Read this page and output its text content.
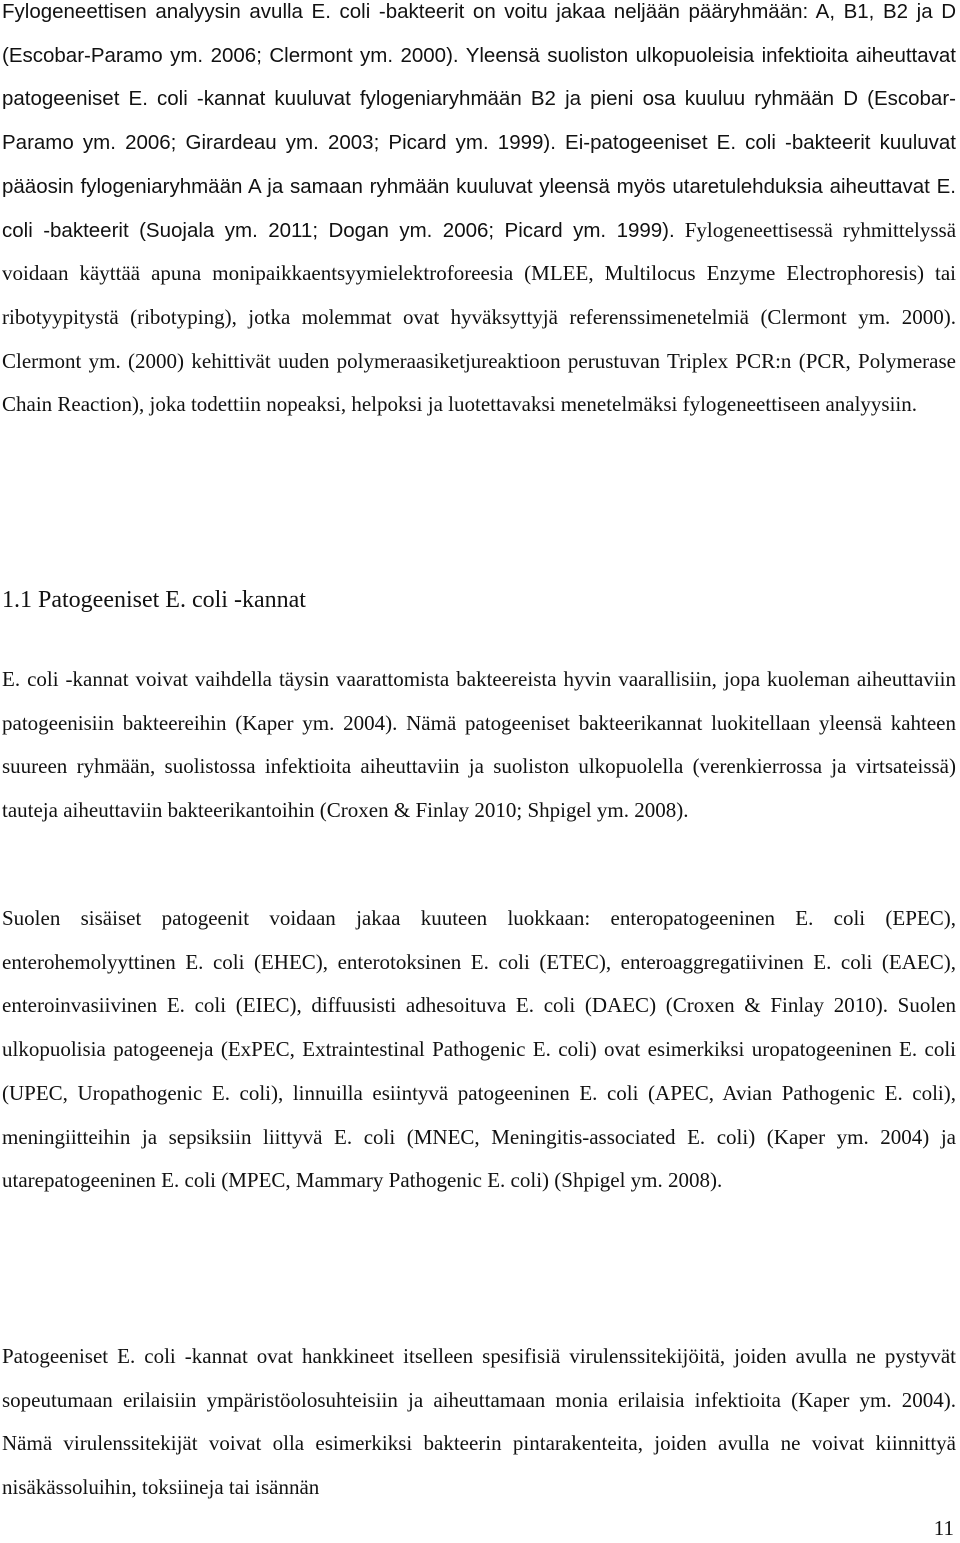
Fylogeneettisen analyysin avulla E. coli -bakteerit on voitu jakaa neljään pääryhmään: A, B1, B2 ja D (Escobar-Paramo ym. 2006; Clermont ym. 2000). Yleensä suoliston ulkopuoleisia infektioita aiheuttavat patogeeniset E. coli -kannat kuuluvat fylogeniaryhmään B2 ja pieni osa kuuluu ryhmään D (Escobar-Paramo ym. 2006; Girardeau ym. 2003; Picard ym. 1999). Ei-patogeeniset E. coli -bakteerit kuuluvat pääosin fylogeniaryhmään A ja samaan ryhmään kuuluvat yleensä myös utaretulehduksia aiheuttavat E. coli -bakteerit (Suojala ym. 2011; Dogan ym. 2006; Picard ym. 1999). Fylogeneettisessä ryhmittelyssä voidaan käyttää apuna monipaikkaentsyymielektroforeesia (MLEE, Multilocus Enzyme Electrophoresis) tai ribotyypitystä (ribotyping), jotka molemmat ovat hyväksyttyjä referenssimenetelmiä (Clermont ym. 2000). Clermont ym. (2000) kehittivät uuden polymeraasiketjureaktioon perustuvan Triplex PCR:n (PCR, Polymerase Chain Reaction), joka todettiin nopeaksi, helpoksi ja luotettavaksi menetelmäksi fylogeneettiseen analyysiin.

1.1 Patogeeniset E. coli -kannat

E. coli -kannat voivat vaihdella täysin vaarattomista bakteereista hyvin vaarallisiin, jopa kuoleman aiheuttaviin patogeenisiin bakteereihin (Kaper ym. 2004). Nämä patogeeniset bakteerikannat luokitellaan yleensä kahteen suureen ryhmään, suolistossa infektioita aiheuttaviin ja suoliston ulkopuolella (verenkierrossa ja virtsateissä) tauteja aiheuttaviin bakteerikantoihin (Croxen & Finlay 2010; Shpigel ym. 2008).

Suolen sisäiset patogeenit voidaan jakaa kuuteen luokkaan: enteropatogeeninen E. coli (EPEC), enterohemolyyttinen E. coli (EHEC), enterotoksinen E. coli (ETEC), enteroaggregatiivinen E. coli (EAEC), enteroinvasiivinen E. coli (EIEC), diffuusisti adhesoituva E. coli (DAEC) (Croxen & Finlay 2010). Suolen ulkopuolisia patogeeneja (ExPEC, Extraintestinal Pathogenic E. coli) ovat esimerkiksi uropatogeeninen E. coli (UPEC, Uropathogenic E. coli), linnuilla esiintyvä patogeeninen E. coli (APEC, Avian Pathogenic E. coli), meningiitteihin ja sepsiksiin liittyvä E. coli (MNEC, Meningitis-associated E. coli) (Kaper ym. 2004) ja utarepatogeeninen E. coli (MPEC, Mammary Pathogenic E. coli) (Shpigel ym. 2008).

Patogeeniset E. coli -kannat ovat hankkineet itselleen spesifisiä virulenssitekijöitä, joiden avulla ne pystyvät sopeutumaan erilaisiin ympäristöolosuhteisiin ja aiheuttamaan monia erilaisia infektioita (Kaper ym. 2004). Nämä virulenssitekijät voivat olla esimerkiksi bakteerin pintarakenteita, joiden avulla ne voivat kiinnittyä nisäkässoluihin, toksiineja tai isännän

11
